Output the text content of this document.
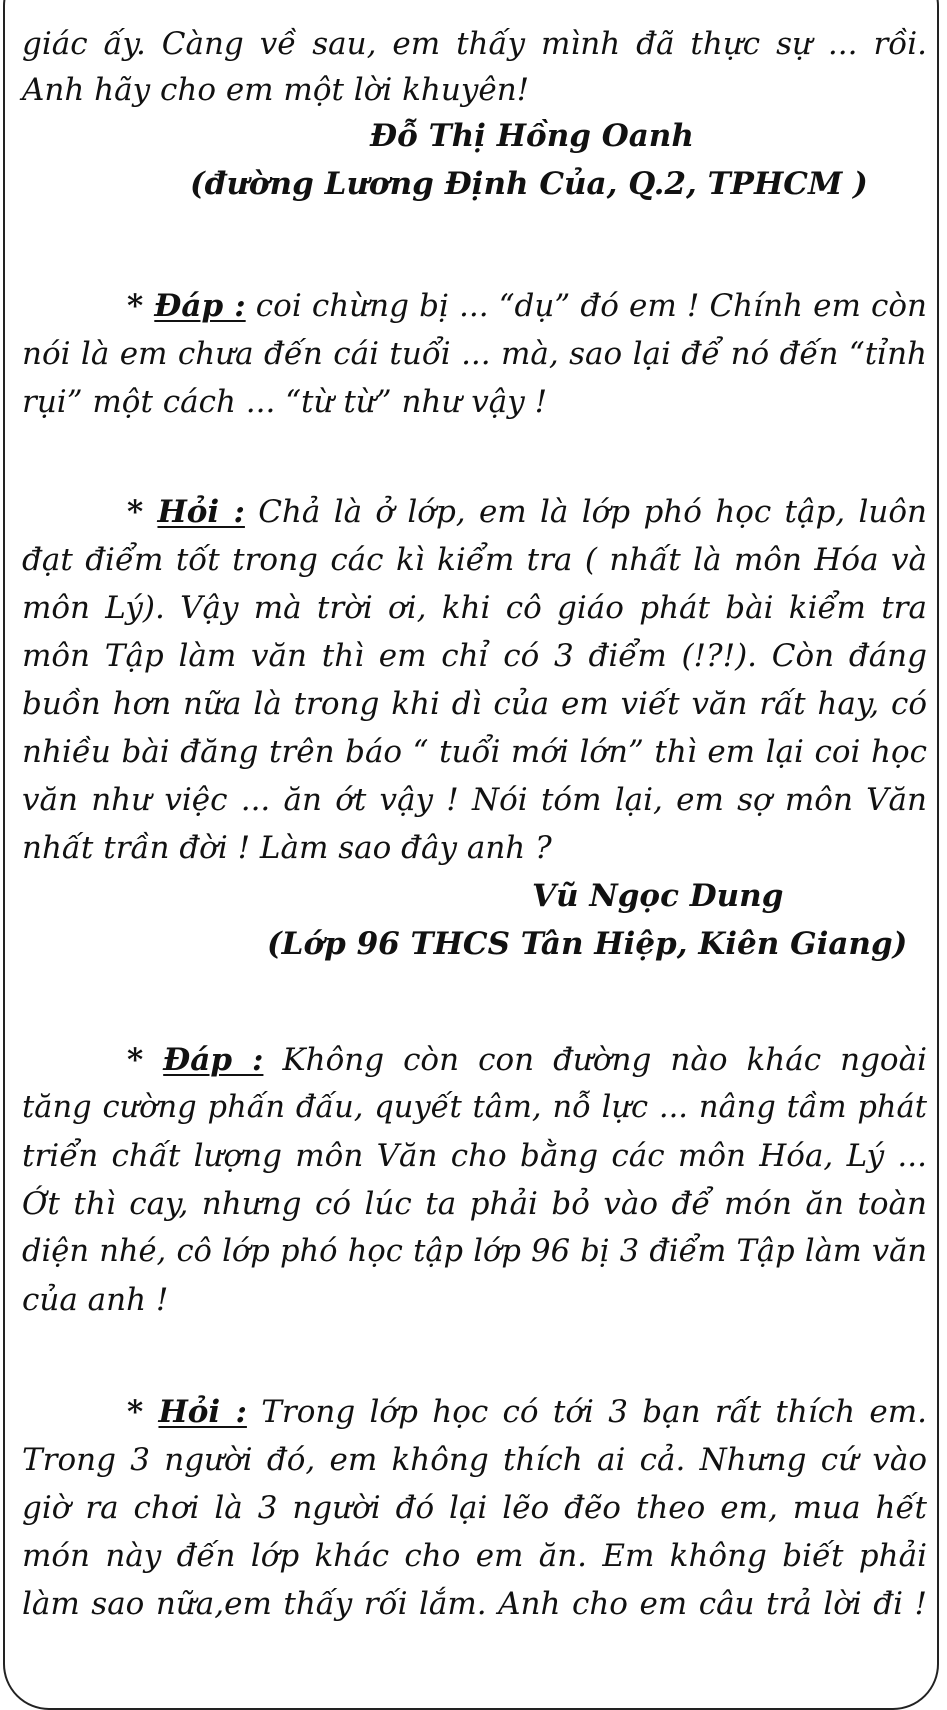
giác ấy. Càng về sau, em thấy mình đã thực sự ... rồi.
Anh hãy cho em một lời khuyên!
Đỗ Thị Hồng Oanh
(đường Lương Định Của, Q.2, TPHCM )
* Đáp : coi chừng bị ... “dụ” đó em ! Chính em còn
nói là em chưa đến cái tuổi ... mà, sao lại để nó đến “tỉnh
rụi” một cách ... “từ từ” như vậy !
* Hỏi : Chả là ở lớp, em là lớp phó học tập, luôn
đạt điểm tốt trong các kì kiểm tra ( nhất là môn Hóa và
môn Lý). Vậy mà trời ơi, khi cô giáo phát bài kiểm tra
môn Tập làm văn thì em chỉ có 3 điểm (!?!). Còn đáng
buồn hơn nữa là trong khi dì của em viết văn rất hay, có
nhiều bài đăng trên báo “ tuổi mới lớn” thì em lại coi học
văn như việc ... ăn ớt vậy ! Nói tóm lại, em sợ môn Văn
nhất trần đời ! Làm sao đây anh ?
Vũ Ngọc Dung
(Lớp 96 THCS Tân Hiệp, Kiên Giang)
* Đáp : Không còn con đường nào khác ngoài
tăng cường phấn đấu, quyết tâm, nỗ lực ... nâng tầm phát
triển chất lượng môn Văn cho bằng các môn Hóa, Lý ...
Ớt thì cay, nhưng có lúc ta phải bỏ vào để món ăn toàn
diện nhé, cô lớp phó học tập lớp 96 bị 3 điểm Tập làm văn
của anh !
* Hỏi : Trong lớp học có tới 3 bạn rất thích em.
Trong 3 người đó, em không thích ai cả. Nhưng cứ vào
giờ ra chơi là 3 người đó lại lẽo đẽo theo em, mua hết
món này đến lớp khác cho em ăn. Em không biết phải
làm sao nữa,em thấy rối lắm. Anh cho em câu trả lời đi !
